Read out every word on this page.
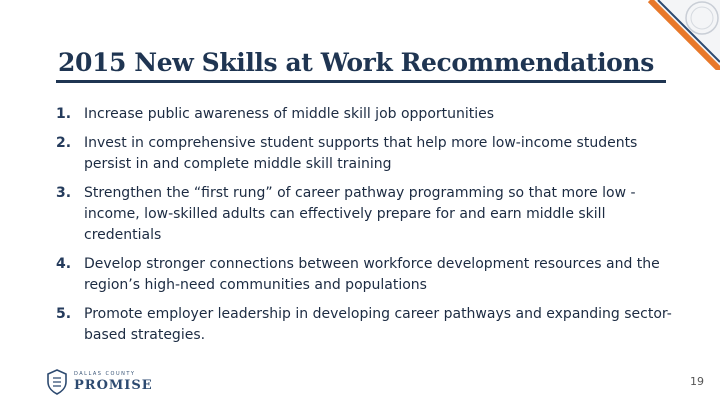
2015 New Skills at Work Recommendations
1. Increase public awareness of middle skill job opportunities
2. Invest in comprehensive student supports that help more low-income students persist in and complete middle skill training
3. Strengthen the “first rung” of career pathway programming so that more low -income, low-skilled adults can effectively prepare for and earn middle skill credentials
4. Develop stronger connections between workforce development resources and the region’s high-need communities and populations
5. Promote employer leadership in developing career pathways and expanding sector-based strategies.
DALLAS COUNTY
PROMISE	19
